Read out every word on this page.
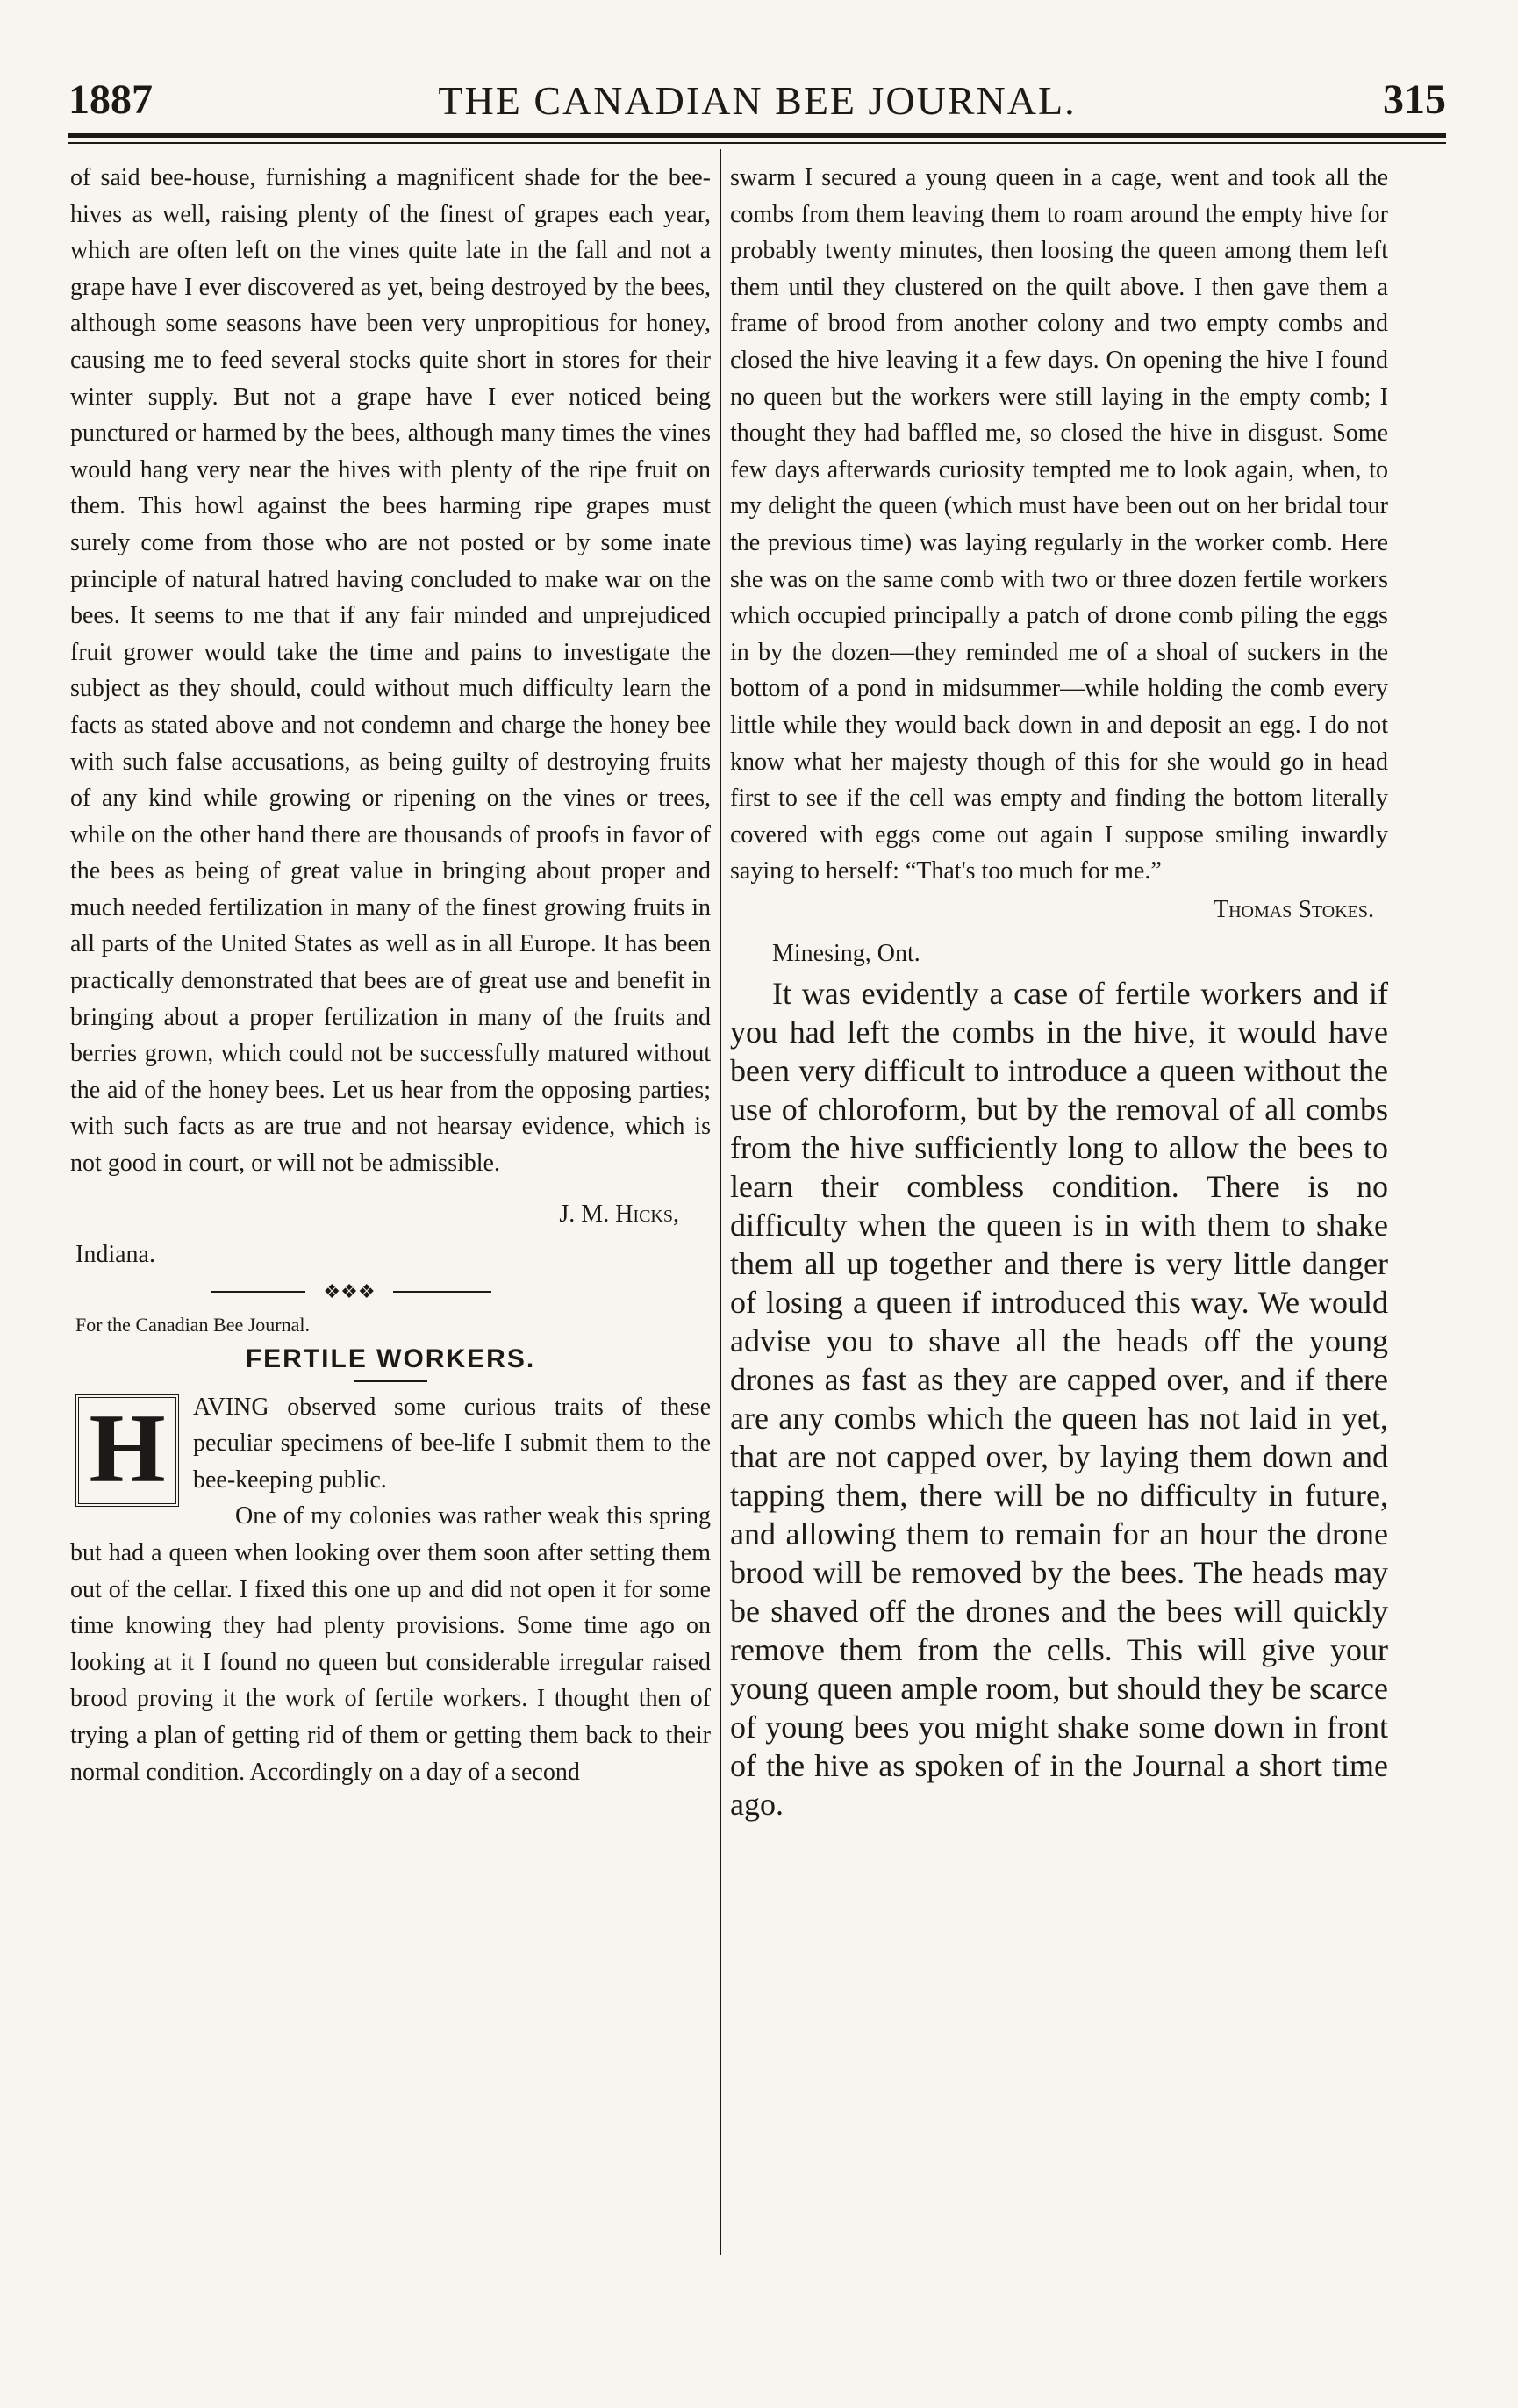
1887	THE CANADIAN BEE JOURNAL.	315

of said bee-house, furnishing a magnificent shade for the bee-hives as well, raising plenty of the finest of grapes each year, which are often left on the vines quite late in the fall and not a grape have I ever discovered as yet, being destroyed by the bees, although some seasons have been very unpropitious for honey, causing me to feed several stocks quite short in stores for their winter supply. But not a grape have I ever noticed being punctured or harmed by the bees, although many times the vines would hang very near the hives with plenty of the ripe fruit on them. This howl against the bees harming ripe grapes must surely come from those who are not posted or by some inate principle of natural hatred having concluded to make war on the bees. It seems to me that if any fair minded and unprejudiced fruit grower would take the time and pains to investigate the subject as they should, could without much difficulty learn the facts as stated above and not condemn and charge the honey bee with such false accusations, as being guilty of destroying fruits of any kind while growing or ripening on the vines or trees, while on the other hand there are thousands of proofs in favor of the bees as being of great value in bringing about proper and much needed fertilization in many of the finest growing fruits in all parts of the United States as well as in all Europe. It has been practically demonstrated that bees are of great use and benefit in bringing about a proper fertilization in many of the fruits and berries grown, which could not be successfully matured without the aid of the honey bees. Let us hear from the opposing parties; with such facts as are true and not hearsay evidence, which is not good in court, or will not be admissible.

J. M. Hicks,
Indiana.
❖❖❖
For the Canadian Bee Journal.
FERTILE WORKERS.
H	AVING observed some curious traits of these peculiar specimens of bee-life I submit them to the bee-keeping public.

One of my colonies was rather weak this spring but had a queen when looking over them soon after setting them out of the cellar. I fixed this one up and did not open it for some time knowing they had plenty provisions. Some time ago on looking at it I found no queen but considerable irregular raised brood proving it the work of fertile workers. I thought then of trying a plan of getting rid of them or getting them back to their normal condition. Accordingly on a day of a second

swarm I secured a young queen in a cage, went and took all the combs from them leaving them to roam around the empty hive for probably twenty minutes, then loosing the queen among them left them until they clustered on the quilt above. I then gave them a frame of brood from another colony and two empty combs and closed the hive leaving it a few days. On opening the hive I found no queen but the workers were still laying in the empty comb; I thought they had baffled me, so closed the hive in disgust. Some few days afterwards curiosity tempted me to look again, when, to my delight the queen (which must have been out on her bridal tour the previous time) was laying regularly in the worker comb. Here she was on the same comb with two or three dozen fertile workers which occupied principally a patch of drone comb piling the eggs in by the dozen—they reminded me of a shoal of suckers in the bottom of a pond in midsummer—while holding the comb every little while they would back down in and deposit an egg. I do not know what her majesty though of this for she would go in head first to see if the cell was empty and finding the bottom literally covered with eggs come out again I suppose smiling inwardly saying to herself: “That's too much for me.”

Thomas Stokes.
Minesing, Ont.

It was evidently a case of fertile workers and if you had left the combs in the hive, it would have been very difficult to introduce a queen without the use of chloroform, but by the removal of all combs from the hive sufficiently long to allow the bees to learn their combless condition. There is no difficulty when the queen is in with them to shake them all up together and there is very little danger of losing a queen if introduced this way. We would advise you to shave all the heads off the young drones as fast as they are capped over, and if there are any combs which the queen has not laid in yet, that are not capped over, by laying them down and tapping them, there will be no difficulty in future, and allowing them to remain for an hour the drone brood will be removed by the bees. The heads may be shaved off the drones and the bees will quickly remove them from the cells. This will give your young queen ample room, but should they be scarce of young bees you might shake some down in front of the hive as spoken of in the Journal a short time ago.
